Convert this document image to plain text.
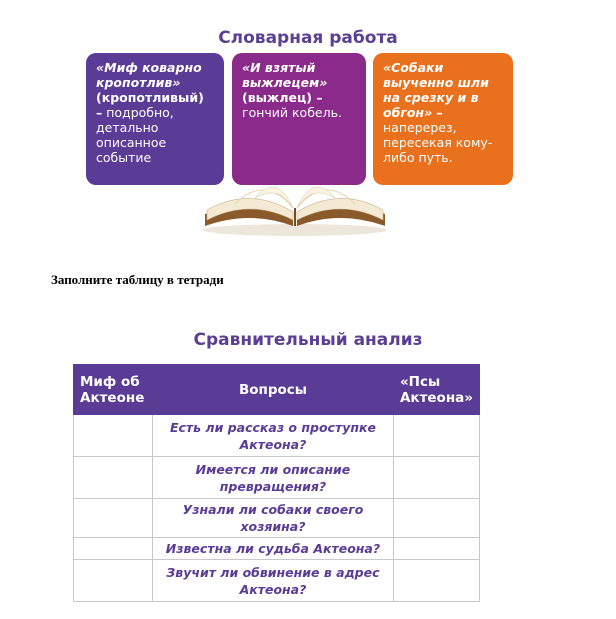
Словарная работа
«Миф коварно кропотлив»
(кропотливый) – подробно, детально описанное событие
«И взятый выжлецем»
(выжлец) – гончий кобель.
«Собаки выученно шли на срезку и в обгон» –
наперерез, пересекая кому-либо путь.
Заполните таблицу в тетради
Сравнительный анализ
Миф об Актеоне	Вопросы	«Псы Актеона»
	Есть ли рассказ о проступке Актеона?	
	Имеется ли описание превращения?	
	Узнали ли собаки своего хозяина?	
	Известна ли судьба Актеона?	
	Звучит ли обвинение в адрес Актеона?	
